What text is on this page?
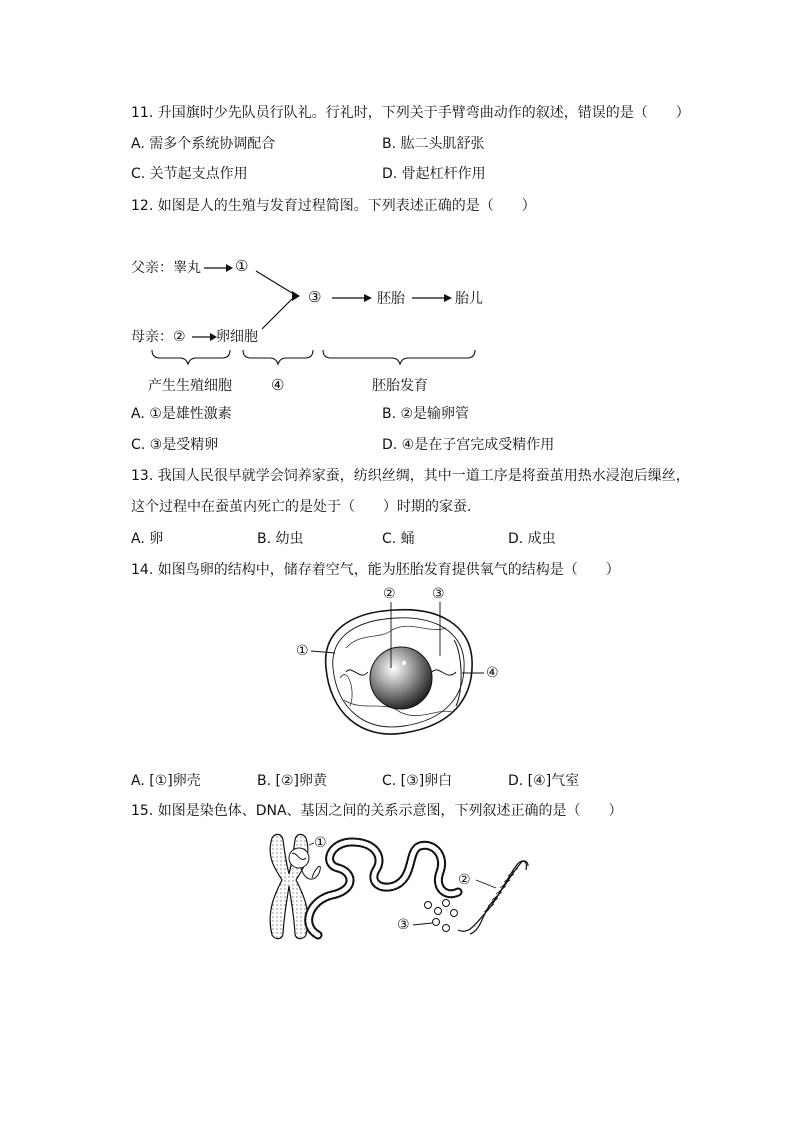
11. 升国旗时少先队员行队礼。行礼时，下列关于手臂弯曲动作的叙述，错误的是（　　）
A. 需多个系统协调配合	B. 肱二头肌舒张
C. 关节起支点作用	D. 骨起杠杆作用
12. 如图是人的生殖与发育过程简图。下列表述正确的是（　　）
父亲：睾丸 ①
③	胚胎	胎儿
母亲：② 卵细胞
产生生殖细胞	④	胚胎发育
A. ①是雄性激素	B. ②是输卵管
C. ③是受精卵	D. ④是在子宫完成受精作用
13. 我国人民很早就学会饲养家蚕，纺织丝绸，其中一道工序是将蚕茧用热水浸泡后缫丝，
这个过程中在蚕茧内死亡的是处于（　　）时期的家蚕．
A. 卵	B. 幼虫	C. 蛹	D. 成虫
14. 如图鸟卵的结构中，储存着空气，能为胚胎发育提供氧气的结构是（　　）
①
②	③
④
A. [①]卵壳	B. [②]卵黄	C. [③]卵白	D. [④]气室
15. 如图是染色体、DNA、基因之间的关系示意图，下列叙述正确的是（　　）
①
②
③
